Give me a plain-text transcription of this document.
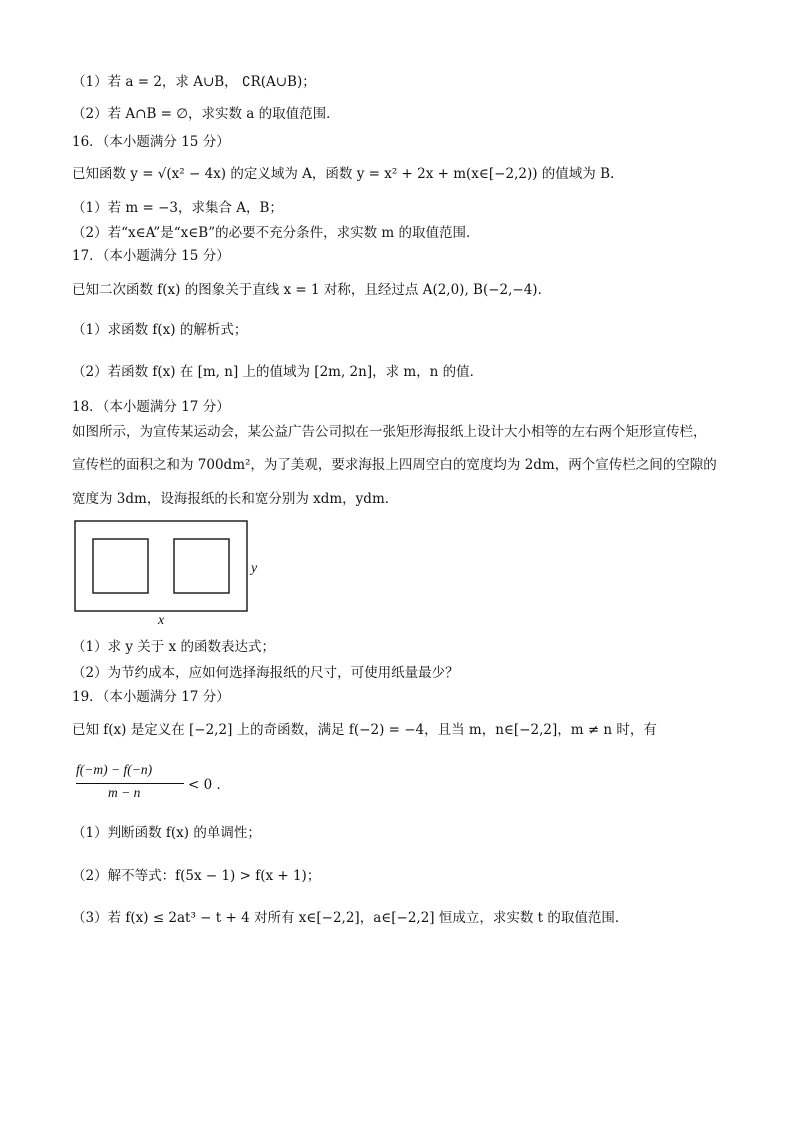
（1）若 a = 2，求 A∪B， ∁R(A∪B)；
（2）若 A∩B = ∅，求实数 a 的取值范围．
16．（本小题满分 15 分）
已知函数 y = √(x² − 4x) 的定义域为 A，函数 y = x² + 2x + m(x∈[−2,2)) 的值域为 B.
（1）若 m = −3，求集合 A，B；
（2）若“x∈A”是“x∈B”的必要不充分条件，求实数 m 的取值范围．
17．（本小题满分 15 分）
已知二次函数 f(x) 的图象关于直线 x = 1 对称，且经过点 A(2,0), B(−2,−4)．
（1）求函数 f(x) 的解析式；
（2）若函数 f(x) 在 [m, n] 上的值域为 [2m, 2n]，求 m，n 的值．
18．（本小题满分 17 分）
如图所示，为宣传某运动会，某公益广告公司拟在一张矩形海报纸上设计大小相等的左右两个矩形宣传栏，
宣传栏的面积之和为 700dm²，为了美观，要求海报上四周空白的宽度均为 2dm，两个宣传栏之间的空隙的
宽度为 3dm，设海报纸的长和宽分别为 xdm，ydm．
（1）求 y 关于 x 的函数表达式；
（2）为节约成本，应如何选择海报纸的尺寸，可使用纸量最少？
19．（本小题满分 17 分）
已知 f(x) 是定义在 [−2,2] 上的奇函数，满足 f(−2) = −4，且当 m，n∈[−2,2]，m ≠ n 时，有
（1）判断函数 f(x) 的单调性；
（2）解不等式：f(5x − 1) > f(x + 1)；
（3）若 f(x) ≤ 2at³ − t + 4 对所有 x∈[−2,2]，a∈[−2,2] 恒成立，求实数 t 的取值范围．
f(−m) − f(−n)
m − n	< 0 ．
y
x
